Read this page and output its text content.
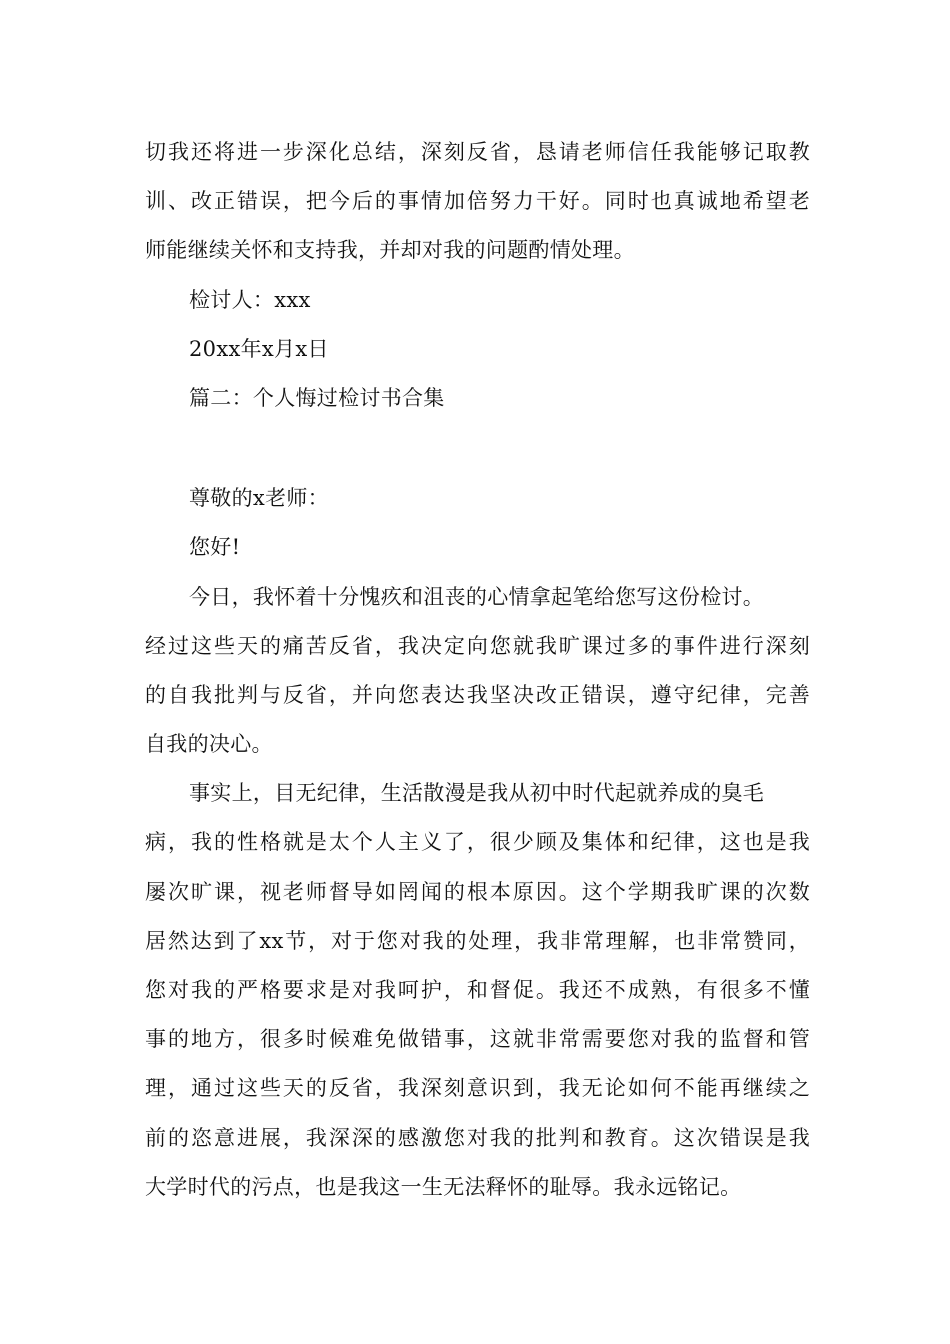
切我还将进一步深化总结，深刻反省，恳请老师信任我能够记取教
训、改正错误，把今后的事情加倍努力干好。同时也真诚地希望老
师能继续关怀和支持我，并却对我的问题酌情处理。
检讨人：xxx
20xx年x月x日
篇二：个人悔过检讨书合集
尊敬的x老师：
您好!
今日，我怀着十分愧疚和沮丧的心情拿起笔给您写这份检讨。
经过这些天的痛苦反省，我决定向您就我旷课过多的事件进行深刻
的自我批判与反省，并向您表达我坚决改正错误，遵守纪律，完善
自我的决心。
事实上，目无纪律，生活散漫是我从初中时代起就养成的臭毛
病，我的性格就是太个人主义了，很少顾及集体和纪律，这也是我
屡次旷课，视老师督导如罔闻的根本原因。这个学期我旷课的次数
居然达到了xx节，对于您对我的处理，我非常理解，也非常赞同，
您对我的严格要求是对我呵护，和督促。我还不成熟，有很多不懂
事的地方，很多时候难免做错事，这就非常需要您对我的监督和管
理，通过这些天的反省，我深刻意识到，我无论如何不能再继续之
前的恣意进展，我深深的感激您对我的批判和教育。这次错误是我
大学时代的污点，也是我这一生无法释怀的耻辱。我永远铭记。
